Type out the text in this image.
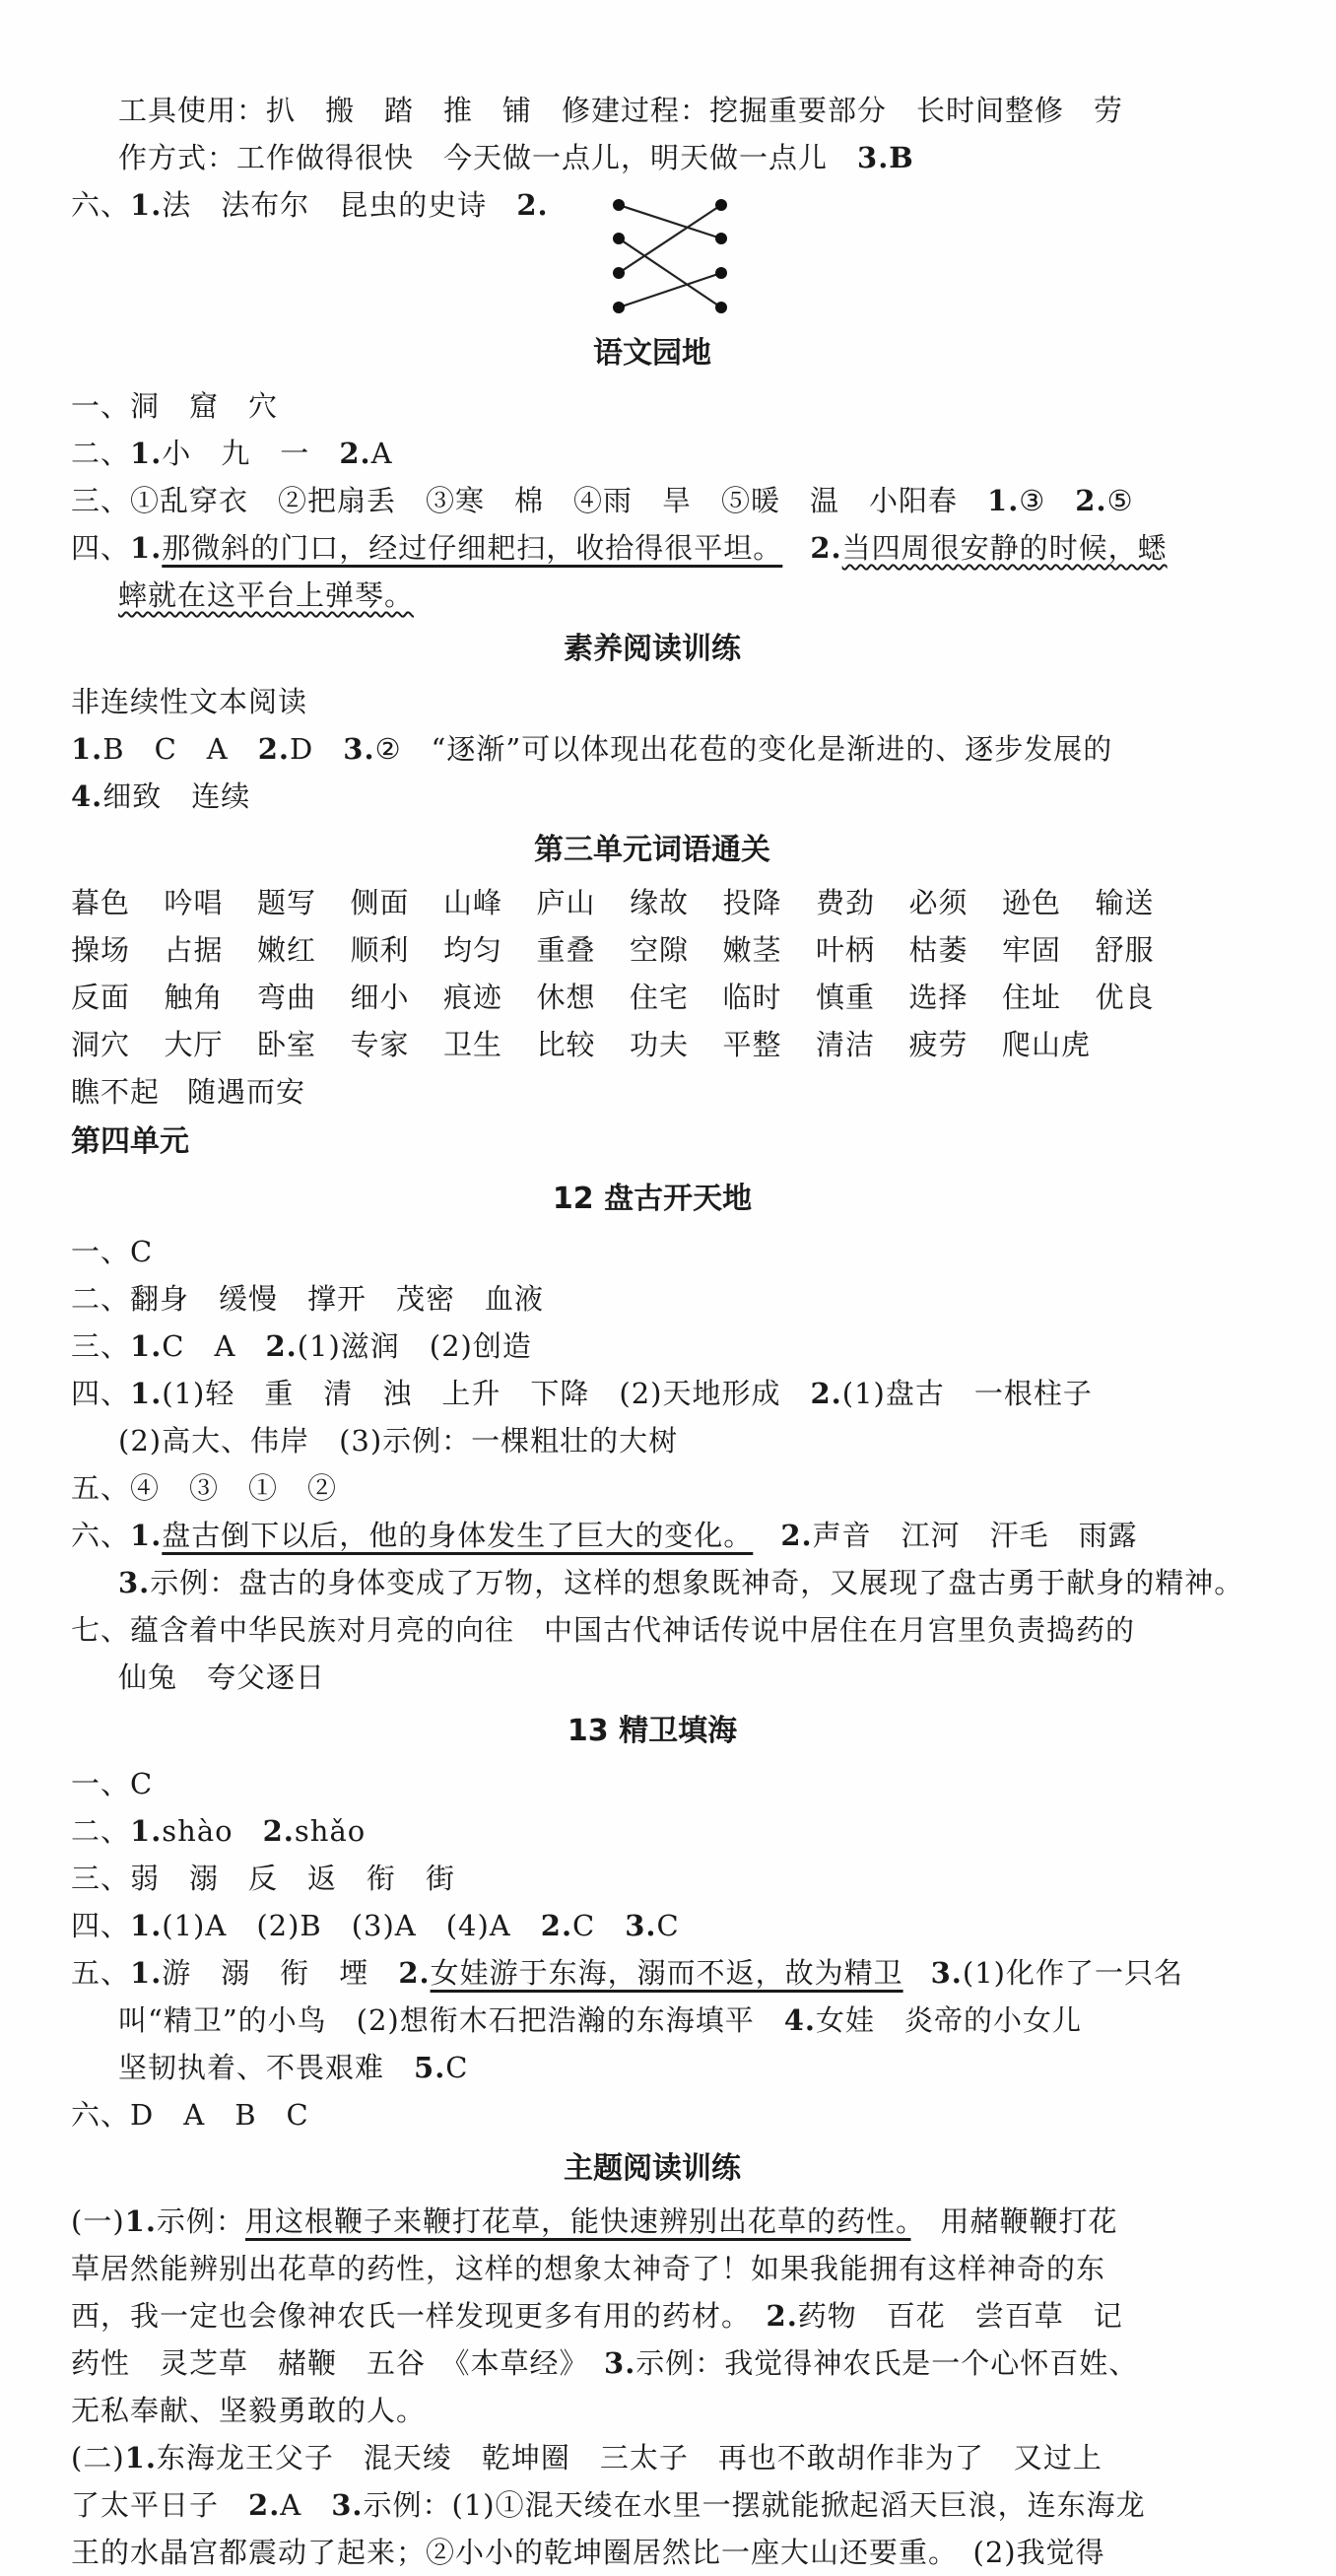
工具使用：扒　搬　踏　推　铺　修建过程：挖掘重要部分　长时间整修　劳
作方式：工作做得很快　今天做一点儿，明天做一点儿　3.B
六、1.法　法布尔　昆虫的史诗　2.
语文园地
一、洞　窟　穴
二、1.小　九　一　2.A
三、①乱穿衣　②把扇丢　③寒　棉　④雨　旱　⑤暖　温　小阳春　1.③　2.⑤
四、1.那微斜的门口，经过仔细耙扫，收拾得很平坦。 2.当四周很安静的时候，蟋
蟀就在这平台上弹琴。
素养阅读训练
非连续性文本阅读
1.B　C　A　2.D　3.②　“逐渐”可以体现出花苞的变化是渐进的、逐步发展的
4.细致　连续
第三单元词语通关
暮色	吟唱	题写	侧面	山峰	庐山	缘故	投降	费劲	必须	逊色	输送
操场	占据	嫩红	顺利	均匀	重叠	空隙	嫩茎	叶柄	枯萎	牢固	舒服
反面	触角	弯曲	细小	痕迹	休想	住宅	临时	慎重	选择	住址	优良
洞穴	大厅	卧室	专家	卫生	比较	功夫	平整	清洁	疲劳	爬山虎
瞧不起 随遇而安
第四单元
12 盘古开天地
一、C
二、翻身　缓慢　撑开　茂密　血液
三、1.C　A　2.(1)滋润　(2)创造
四、1.(1)轻　重　清　浊　上升　下降　(2)天地形成　2.(1)盘古　一根柱子
(2)高大、伟岸　(3)示例：一棵粗壮的大树
五、④　③　①　②
六、1.盘古倒下以后，他的身体发生了巨大的变化。 2.声音　江河　汗毛　雨露
3.示例：盘古的身体变成了万物，这样的想象既神奇，又展现了盘古勇于献身的精神。
七、蕴含着中华民族对月亮的向往　中国古代神话传说中居住在月宫里负责捣药的
仙兔　夸父逐日
13 精卫填海
一、C
二、1.shào　2.shǎo
三、弱　溺　反　返　衔　街
四、1.(1)A　(2)B　(3)A　(4)A　2.C　3.C
五、1.游　溺　衔　堙　2.女娃游于东海，溺而不返，故为精卫 3.(1)化作了一只名
叫“精卫”的小鸟　(2)想衔木石把浩瀚的东海填平　4.女娃　炎帝的小女儿
坚韧执着、不畏艰难　5.C
六、D　A　B　C
主题阅读训练
(一)1.示例：用这根鞭子来鞭打花草，能快速辨别出花草的药性。　用赭鞭鞭打花
草居然能辨别出花草的药性，这样的想象太神奇了！如果我能拥有这样神奇的东
西，我一定也会像神农氏一样发现更多有用的药材。　2.药物　百花　尝百草　记
药性　灵芝草　赭鞭　五谷　《本草经》　3.示例：我觉得神农氏是一个心怀百姓、
无私奉献、坚毅勇敢的人。
(二)1.东海龙王父子　混天绫　乾坤圈　三太子　再也不敢胡作非为了　又过上
了太平日子　2.A　3.示例：(1)①混天绫在水里一摆就能掀起滔天巨浪，连东海龙
王的水晶宫都震动了起来；②小小的乾坤圈居然比一座大山还要重。　(2)我觉得
